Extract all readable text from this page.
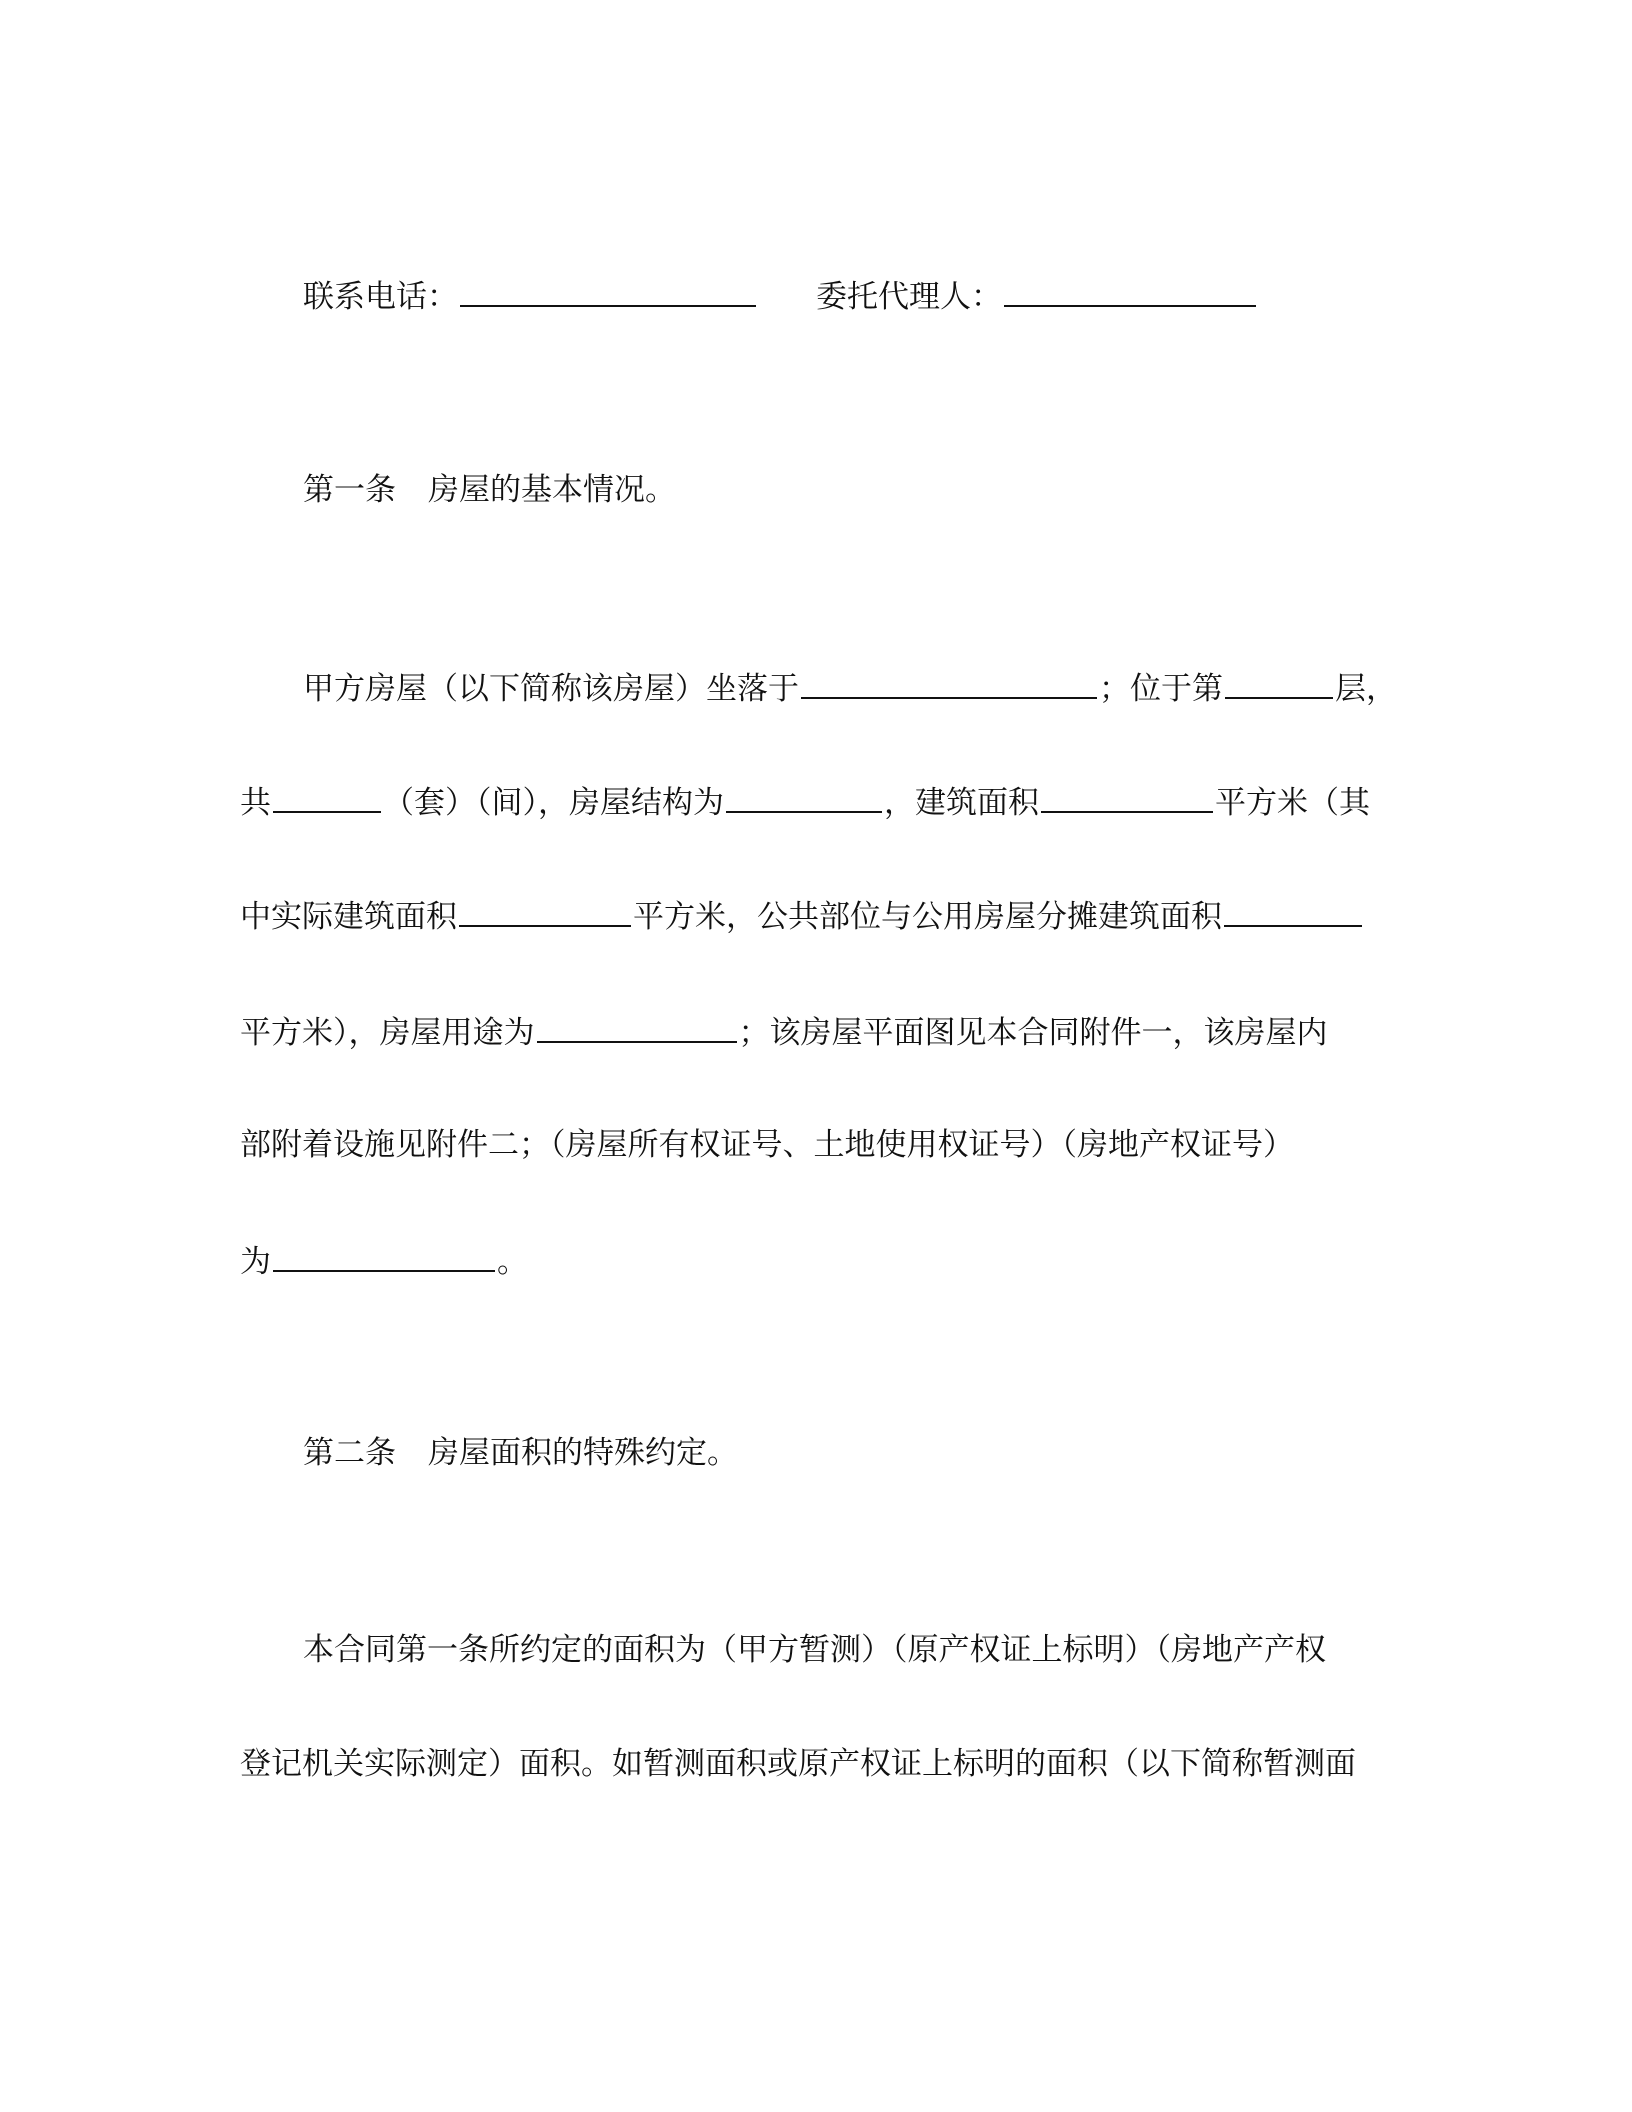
联系电话：	委托代理人：
第一条 房屋的基本情况。
甲方房屋（以下简称该房屋）坐落于	；位于第	层，
共	（套）（间），房屋结构为	，建筑面积	平方米（其
中实际建筑面积	平方米，公共部位与公用房屋分摊建筑面积
平方米），房屋用途为	；该房屋平面图见本合同附件一，该房屋内
部附着设施见附件二；（房屋所有权证号、土地使用权证号）（房地产权证号）
为	。
第二条 房屋面积的特殊约定。
本合同第一条所约定的面积为（甲方暂测）（原产权证上标明）（房地产产权
登记机关实际测定）面积。如暂测面积或原产权证上标明的面积（以下简称暂测面
